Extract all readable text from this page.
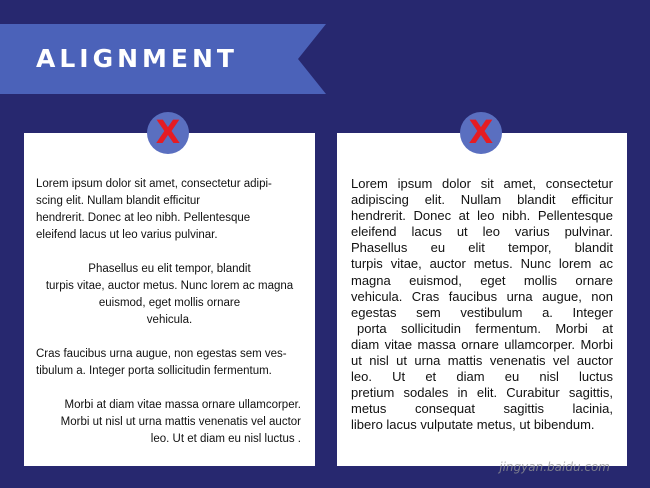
ALIGNMENT
Lorem ipsum dolor sit amet, consectetur adipi-
scing elit. Nullam blandit efficitur
hendrerit. Donec at leo nibh. Pellentesque
eleifend lacus ut leo varius pulvinar.
Phasellus eu elit tempor, blandit
turpis vitae, auctor metus. Nunc lorem ac magna
euismod, eget mollis ornare
vehicula.
Cras faucibus urna augue, non egestas sem ves-
tibulum a. Integer porta sollicitudin fermentum.
Morbi at diam vitae massa ornare ullamcorper.
Morbi ut nisl ut urna mattis venenatis vel auctor
leo. Ut et diam eu nisl luctus .
Lorem ipsum dolor sit amet, consectetur
adipiscing elit. Nullam blandit efficitur
hendrerit. Donec at leo nibh. Pellentesque
eleifend lacus ut leo varius pulvinar.
Phasellus eu elit tempor, blandit
turpis vitae, auctor metus. Nunc lorem ac
magna euismod, eget mollis ornare
vehicula. Cras faucibus urna augue, non
egestas sem vestibulum a. Integer
porta sollicitudin fermentum. Morbi at
diam vitae massa ornare ullamcorper. Morbi
ut nisl ut urna mattis venenatis vel auctor
leo. Ut et diam eu nisl luctus
pretium sodales in elit. Curabitur sagittis,
metus consequat sagittis lacinia,
libero lacus vulputate metus, ut bibendum.
X	X
jingyan.baidu.com
